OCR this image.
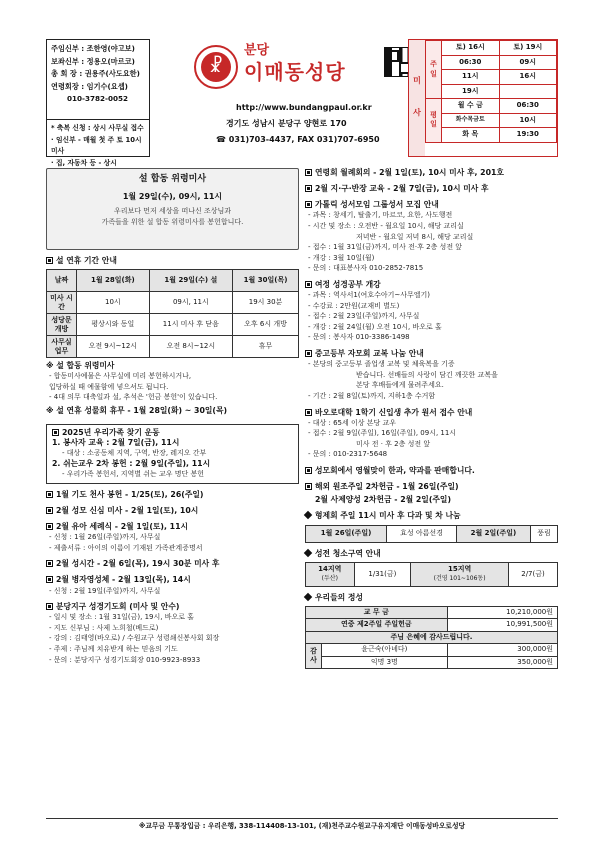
주임신부 : 조한영(야고보)
보좌신부 : 정용오(마르코)
총 회 장 : 권용주(사도요한)
연령회장 : 임기수(요셉)
010-3782-0052
* 축복 신청 : 상시 사무실 접수
· 임신부 - 매월 첫 주 토 10시미사
· 집, 자동차 등 - 상시
☧
분당
이매동성당
http://www.bundangpaul.or.kr
경기도 성남시 분당구 양현로 170
☎ 031)703-4437, FAX 031)707-6950
미
사
주
일	토) 16시	토) 19시
	06:30	09시
	11시	16시
	19시	
평
일	월 수 금	06:30
	화수목금토	10시
	화 목	19:30
설 합동 위령미사
1월 29일(수), 09시, 11시
우리보다 먼저 세상을 떠나신 조상님과
가족들을 위한 설 합동 위령미사를 봉헌합니다.
설 연휴 기간 안내
날짜	1월 28일(화)	1월 29일(수) 설	1월 30일(목)
미사 시간	10시	09시, 11시	19시 30분
성당문 개방	평상시와 동일	11시 미사 후 닫음	오후 6시 개방
사무실 업무	오전 9시~12시	오전 8시~12시	휴무
※ 설 합동 위령미사
- 합동미사예물은 사무실에 미리 봉헌하시거나,
입당하실 때 예물함에 넣으셔도 됩니다.
- 4대 의무 대축일과 설, 추석은 '헌금 봉헌'이 있습니다.
※ 설 연휴 성물회 휴무 - 1월 28일(화) ~ 30일(목)
2025년 우리가족 찾기 운동
1. 봉사자 교육 : 2월 7일(금), 11시
- 대상 : 소공동체 지역, 구역, 반장, 레지오 간부
2. 쉬는교우 2차 봉헌 : 2월 9일(주일), 11시
- 우리가족 봉헌서, 지역별 쉬는 교우 명단 봉헌
1월 기도 천사 봉헌 - 1/25(토), 26(주일)
2월 성모 신심 미사 - 2월 1일(토), 10시
2월 유아 세례식 - 2월 1일(토), 11시
- 신청 : 1월 26일(주일)까지, 사무실
- 제출서류 : 아이의 이름이 기재된 가족관계증명서
2월 성시간 - 2월 6일(목), 19시 30분 미사 후
2월 병자영성체 - 2월 13일(목), 14시
- 신청 : 2월 19일(주일)까지, 사무실
분당지구 성경기도회 (미사 및 안수)
- 일시 및 장소 : 1월 31일(금), 19시, 바오로 홀
- 지도 신부님 : 사제 노희철(베드로)
- 강의 : 김태영(바오로) / 수원교구 성령쇄신봉사회 회장
- 주제 : 주님께 치유받게 하는 믿음의 기도
- 문의 : 분당지구 성경기도회장 010-9923-8933
연령회 월례회의 - 2월 1일(토), 10시 미사 후, 201호
2월 지·구·반장 교육 - 2월 7일(금), 10시 미사 후
가톨릭 성서모임 그룹성서 모집 안내
- 과목 : 창세기, 탈출기, 마르코, 요한, 사도행전
- 시간 및 장소 : 오전반 - 월요일 10시, 해당 교리실
저녁반 - 월요일 저녁 8시, 해당 교리실
- 접수 : 1월 31일(금)까지, 미사 전·후 2층 성전 앞
- 개강 : 3월 10일(월)
- 문의 : 대표봉사자 010-2852-7815
여정 성경공부 개강
- 과목 : 역사서1(여호수아기~사무엘기)
- 수강료 : 2만원(교재비 별도)
- 접수 : 2월 23일(주일)까지, 사무실
- 개강 : 2월 24일(월) 오전 10시, 바오로 홀
- 문의 : 봉사자 010-3386-1498
중고등부 자모회 교복 나눔 안내
- 본당의 중고등부 졸업생 교복 및 체육복을 기증
받습니다. 선배들의 사랑이 담긴 깨끗한 교복을
본당 후배들에게 물려주세요.
- 기간 : 2월 8일(토)까지, 지하1층 수거함
바오로대학 1학기 신입생 추가 원서 접수 안내
- 대상 : 65세 이상 본당 교우
- 접수 : 2월 9일(주일), 16일(주일), 09시, 11시
미사 전 · 후 2층 성전 앞
- 문의 : 010-2317-5648
성모회에서 영월맞이 한과, 약과를 판매합니다.
해외 원조주일 2차헌금 - 1월 26일(주일)
2월 사제양성 2차헌금 - 2월 2일(주일)
형제회 주일 11시 미사 후 다과 및 차 나눔
1월 26일(주일)	효성 아름선경	2월 2일(주일)	풍림
성전 청소구역 안내
14지역
(두산)	1/31(금)	15지역
(건영 101~106동)	2/7(금)
우리들의 정성
교 무 금		10,210,000원
연중 제2주일 주일헌금		10,991,500원
주님 은혜에 감사드립니다.		
감
사	윤근숙(아녜다)	300,000원
	익명 3명	350,000원
※교무금 무통장입금 : 우리은행, 338-114408-13-101, (재)천주교수원교구유지재단 이매동성바오로성당
